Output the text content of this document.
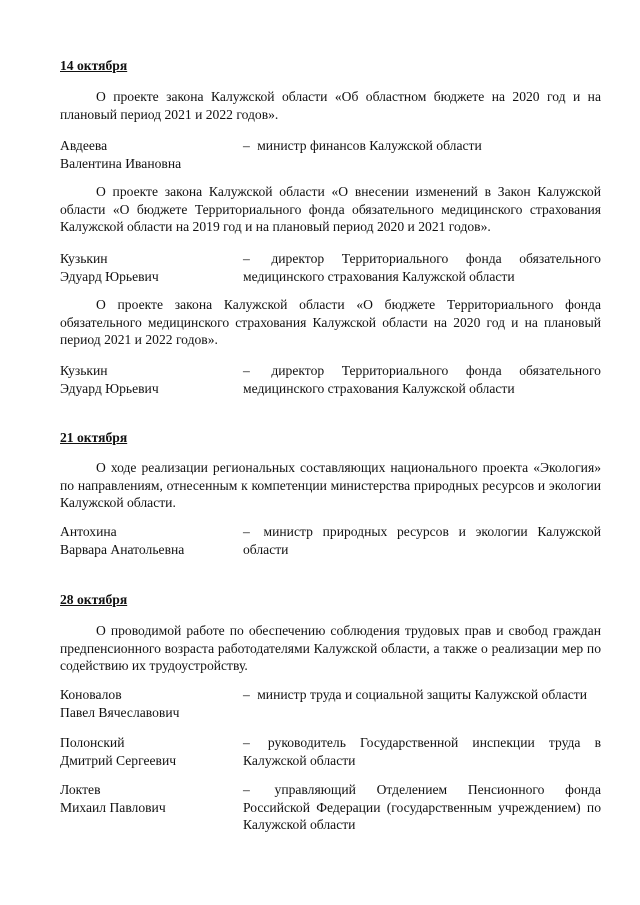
14 октября
О проекте закона Калужской области «Об областном бюджете на 2020 год и на плановый период 2021 и 2022 годов».
Авдеева
Валентина Ивановна
– министр финансов Калужской области
О проекте закона Калужской области «О внесении изменений в Закон Калужской области «О бюджете Территориального фонда обязательного медицинского страхования Калужской области на 2019 год и на плановый период 2020 и 2021 годов».
Кузькин
Эдуард Юрьевич
– директор Территориального фонда обязательного медицинского страхования Калужской области
О проекте закона Калужской области «О бюджете Территориального фонда обязательного медицинского страхования Калужской области на 2020 год и на плановый период 2021 и 2022 годов».
Кузькин
Эдуард Юрьевич
– директор Территориального фонда обязательного медицинского страхования Калужской области
21 октября
О ходе реализации региональных составляющих национального проекта «Экология» по направлениям, отнесенным к компетенции министерства природных ресурсов и экологии Калужской области.
Антохина
Варвара Анатольевна
– министр природных ресурсов и экологии Калужской области
28 октября
О проводимой работе по обеспечению соблюдения трудовых прав и свобод граждан предпенсионного возраста работодателями Калужской области, а также о реализации мер по содействию их трудоустройству.
Коновалов
Павел Вячеславович
– министр труда и социальной защиты Калужской области
Полонский
Дмитрий Сергеевич
– руководитель Государственной инспекции труда в Калужской области
Локтев
Михаил Павлович
– управляющий Отделением Пенсионного фонда Российской Федерации (государственным учреждением) по Калужской области
